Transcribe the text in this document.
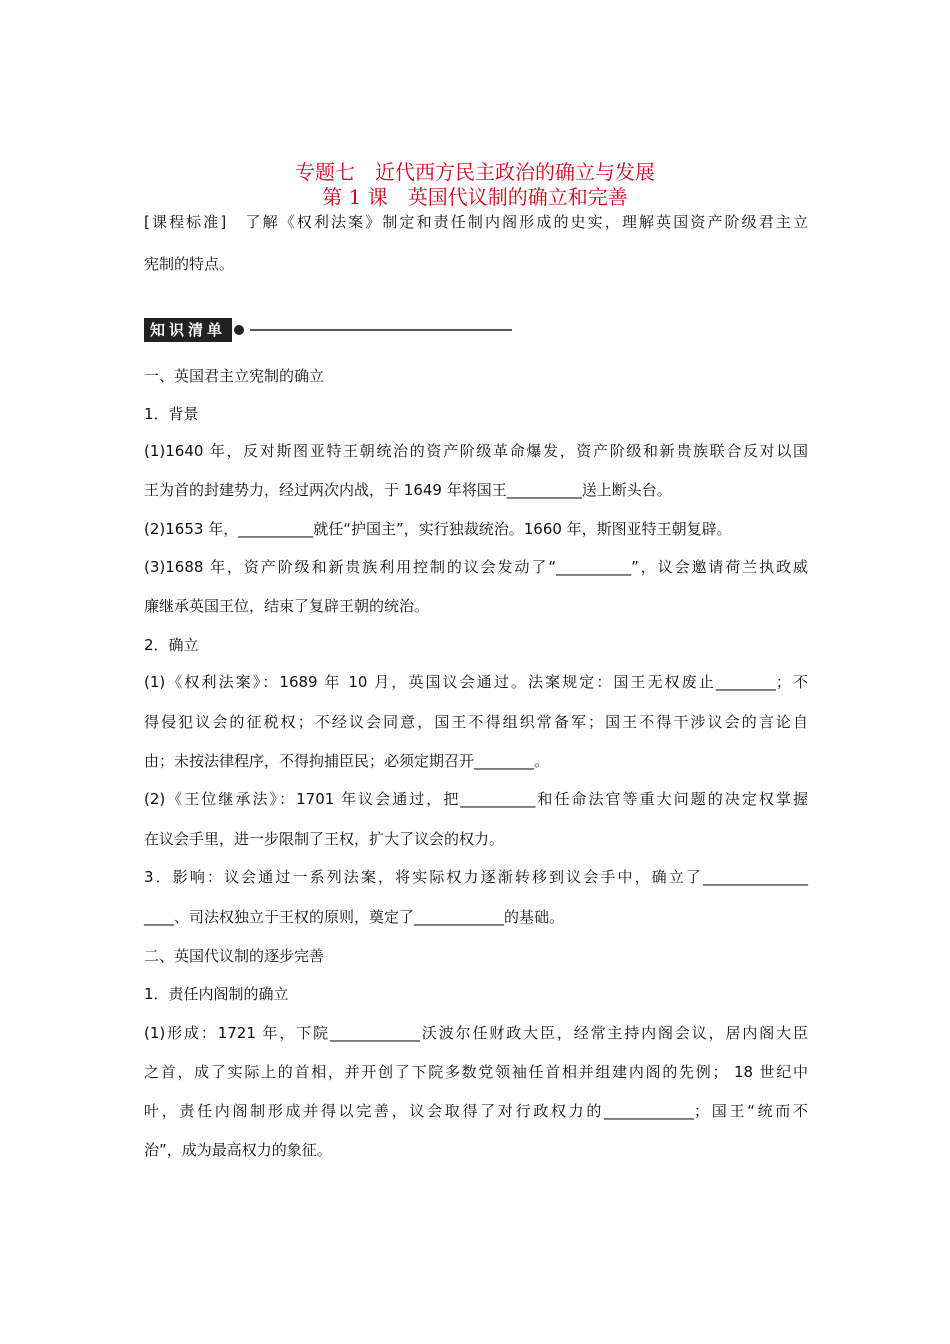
专题七　近代西方民主政治的确立与发展
第 1 课　英国代议制的确立和完善
[课程标准]　了解《权利法案》制定和责任制内阁形成的史实，理解英国资产阶级君主立
宪制的特点。
知识清单
一、英国君主立宪制的确立
1．背景
(1)1640 年，反对斯图亚特王朝统治的资产阶级革命爆发，资产阶级和新贵族联合反对以国
王为首的封建势力，经过两次内战，于 1649 年将国王__________送上断头台。
(2)1653 年，__________就任“护国主”，实行独裁统治。1660 年，斯图亚特王朝复辟。
(3)1688 年，资产阶级和新贵族利用控制的议会发动了“__________”，议会邀请荷兰执政威
廉继承英国王位，结束了复辟王朝的统治。
2．确立
(1)《权利法案》：1689 年 10 月，英国议会通过。法案规定：国王无权废止________；不
得侵犯议会的征税权；不经议会同意，国王不得组织常备军；国王不得干涉议会的言论自
由；未按法律程序，不得拘捕臣民；必须定期召开________。
(2)《王位继承法》：1701 年议会通过，把__________和任命法官等重大问题的决定权掌握
在议会手里，进一步限制了王权，扩大了议会的权力。
3．影响：议会通过一系列法案，将实际权力逐渐转移到议会手中，确立了______________
____、司法权独立于王权的原则，奠定了____________的基础。
二、英国代议制的逐步完善
1．责任内阁制的确立
(1)形成：1721 年，下院____________沃波尔任财政大臣，经常主持内阁会议，居内阁大臣
之首，成了实际上的首相，并开创了下院多数党领袖任首相并组建内阁的先例； 18 世纪中
叶，责任内阁制形成并得以完善，议会取得了对行政权力的____________；国王“统而不
治”，成为最高权力的象征。
